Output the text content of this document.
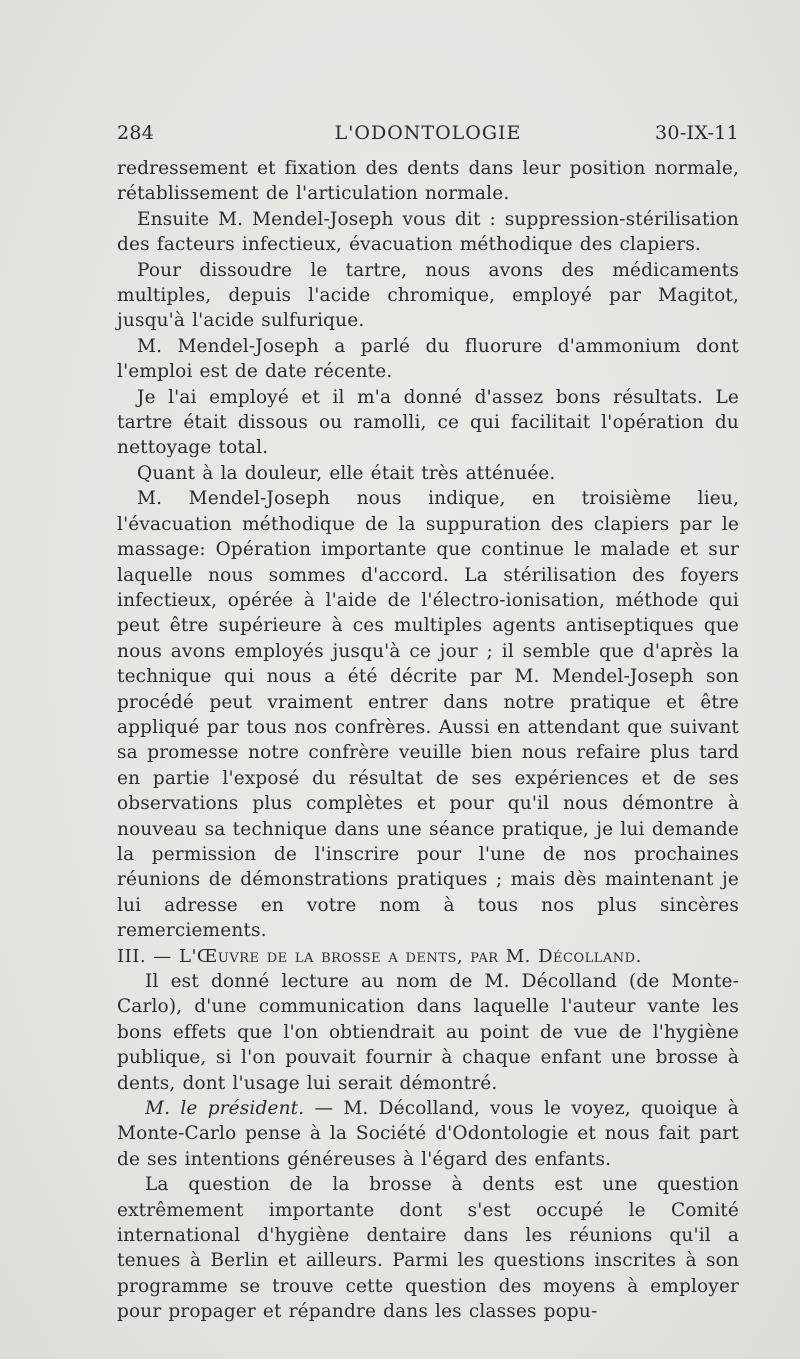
284	L'ODONTOLOGIE	30-IX-11

redressement et fixation des dents dans leur position normale, rétablissement de l'articulation normale.

Ensuite M. Mendel-Joseph vous dit : suppression-stérilisation des facteurs infectieux, évacuation méthodique des clapiers.

Pour dissoudre le tartre, nous avons des médicaments multiples, depuis l'acide chromique, employé par Magitot, jusqu'à l'acide sulfurique.

M. Mendel-Joseph a parlé du fluorure d'ammonium dont l'emploi est de date récente.

Je l'ai employé et il m'a donné d'assez bons résultats. Le tartre était dissous ou ramolli, ce qui facilitait l'opération du nettoyage total.

Quant à la douleur, elle était très atténuée.

M. Mendel-Joseph nous indique, en troisième lieu, l'évacuation méthodique de la suppuration des clapiers par le massage: Opération importante que continue le malade et sur laquelle nous sommes d'accord. La stérilisation des foyers infectieux, opérée à l'aide de l'électro-ionisation, méthode qui peut être supérieure à ces multiples agents antiseptiques que nous avons employés jusqu'à ce jour ; il semble que d'après la technique qui nous a été décrite par M. Mendel-Joseph son procédé peut vraiment entrer dans notre pratique et être appliqué par tous nos confrères. Aussi en attendant que suivant sa promesse notre confrère veuille bien nous refaire plus tard en partie l'exposé du résultat de ses expériences et de ses observations plus complètes et pour qu'il nous démontre à nouveau sa technique dans une séance pratique, je lui demande la permission de l'inscrire pour l'une de nos prochaines réunions de démonstrations pratiques ; mais dès maintenant je lui adresse en votre nom à tous nos plus sincères remerciements.

III. — L'Œuvre de la brosse a dents, par M. Décolland.

Il est donné lecture au nom de M. Décolland (de Monte-Carlo), d'une communication dans laquelle l'auteur vante les bons effets que l'on obtiendrait au point de vue de l'hygiène publique, si l'on pouvait fournir à chaque enfant une brosse à dents, dont l'usage lui serait démontré.

M. le président. — M. Décolland, vous le voyez, quoique à Monte-Carlo pense à la Société d'Odontologie et nous fait part de ses intentions généreuses à l'égard des enfants.

La question de la brosse à dents est une question extrêmement importante dont s'est occupé le Comité international d'hygiène dentaire dans les réunions qu'il a tenues à Berlin et ailleurs. Parmi les questions inscrites à son programme se trouve cette question des moyens à employer pour propager et répandre dans les classes popu-
